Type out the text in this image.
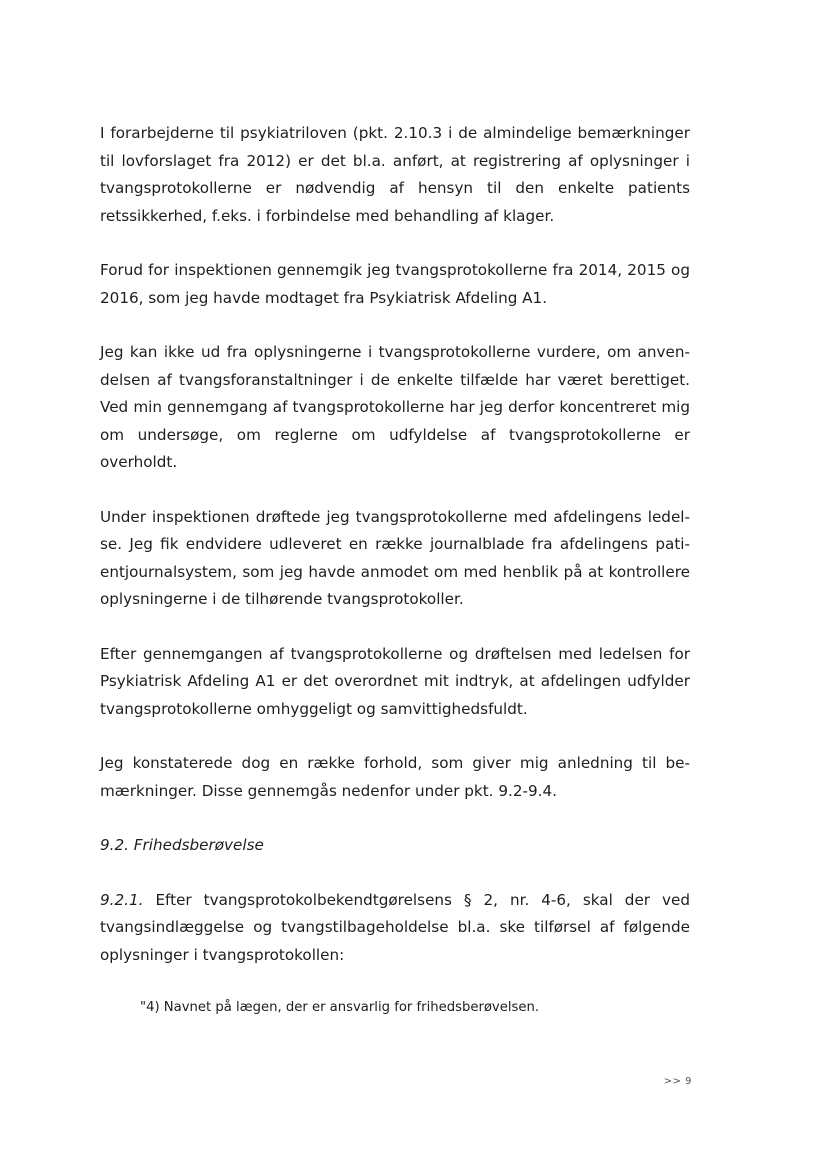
I forarbejderne til psykiatriloven (pkt. 2.10.3 i de almindelige bemærkninger til lovforslaget fra 2012) er det bl.a. anført, at registrering af oplysninger i tvangsprotokollerne er nødvendig af hensyn til den enkelte patients retssikkerhed, f.eks. i forbindelse med behandling af klager.

Forud for inspektionen gennemgik jeg tvangsprotokollerne fra 2014, 2015 og 2016, som jeg havde modtaget fra Psykiatrisk Afdeling A1.

Jeg kan ikke ud fra oplysningerne i tvangsprotokollerne vurdere, om anvendelsen af tvangsforanstaltninger i de enkelte tilfælde har været berettiget. Ved min gennemgang af tvangsprotokollerne har jeg derfor koncentreret mig om undersøge, om reglerne om udfyldelse af tvangsprotokollerne er overholdt.

Under inspektionen drøftede jeg tvangsprotokollerne med afdelingens ledelse. Jeg fik endvidere udleveret en række journalblade fra afdelingens patientjournalsystem, som jeg havde anmodet om med henblik på at kontrollere oplysningerne i de tilhørende tvangsprotokoller.

Efter gennemgangen af tvangsprotokollerne og drøftelsen med ledelsen for Psykiatrisk Afdeling A1 er det overordnet mit indtryk, at afdelingen udfylder tvangsprotokollerne omhyggeligt og samvittighedsfuldt.

Jeg konstaterede dog en række forhold, som giver mig anledning til bemærkninger. Disse gennemgås nedenfor under pkt. 9.2-9.4.

9.2. Frihedsberøvelse

9.2.1. Efter tvangsprotokolbekendtgørelsens § 2, nr. 4-6, skal der ved tvangsindlæggelse og tvangstilbageholdelse bl.a. ske tilførsel af følgende oplysninger i tvangsprotokollen:

"4) Navnet på lægen, der er ansvarlig for frihedsberøvelsen.

>> 9
